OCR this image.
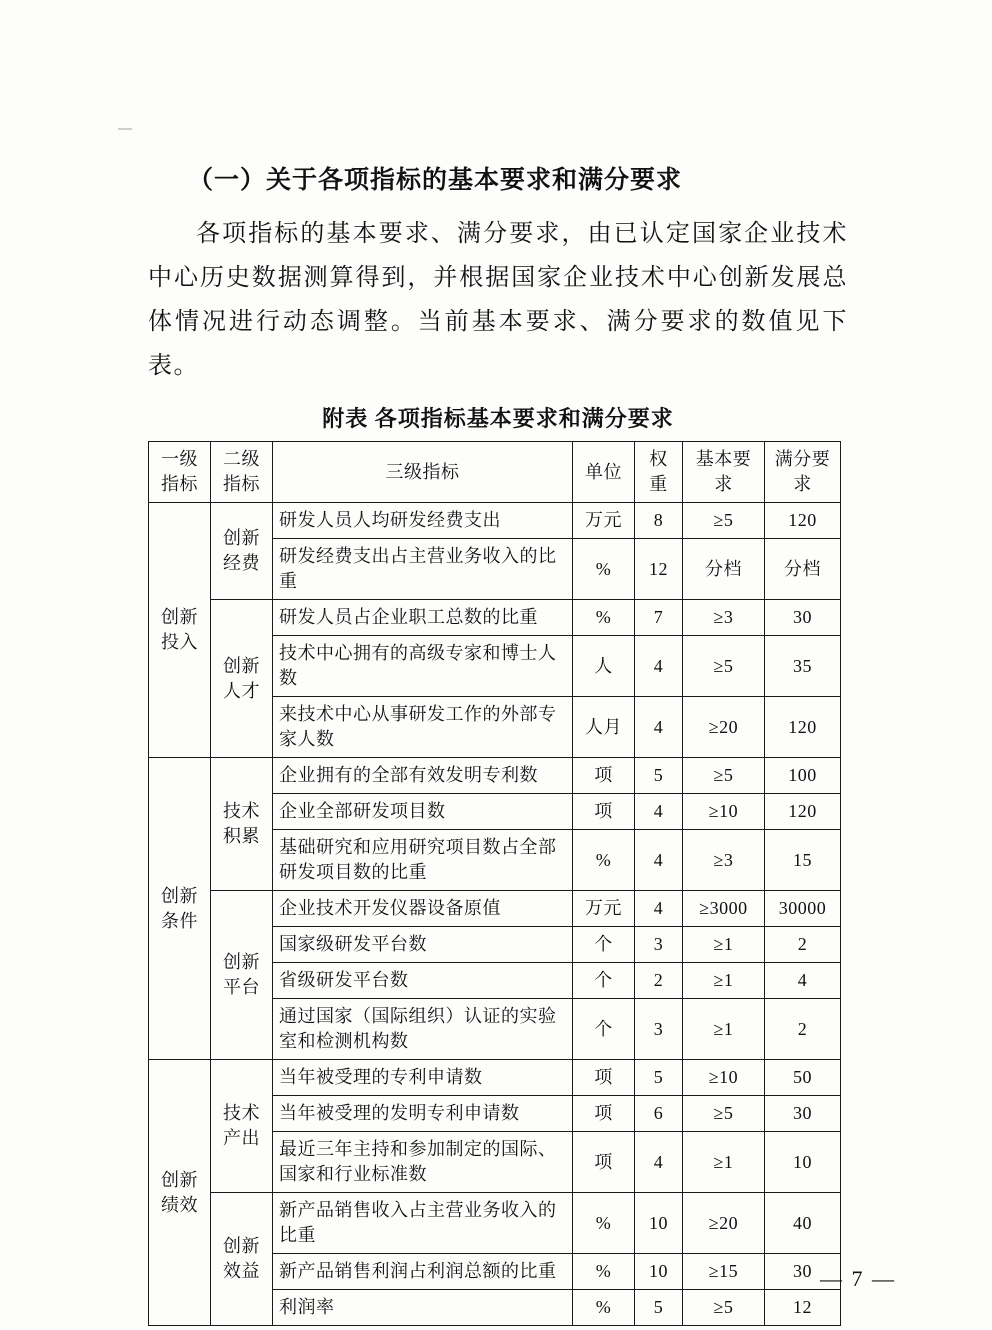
（一）关于各项指标的基本要求和满分要求

各项指标的基本要求、满分要求，由已认定国家企业技术中心历史数据测算得到，并根据国家企业技术中心创新发展总体情况进行动态调整。当前基本要求、满分要求的数值见下表。

附表 各项指标基本要求和满分要求
一级指标	二级指标	三级指标	单位	权重	基本要求	满分要求
创新投入	创新经费	研发人员人均研发经费支出	万元	8	≥5	120
		研发经费支出占主营业务收入的比重	%	12	分档	分档
	创新人才	研发人员占企业职工总数的比重	%	7	≥3	30
		技术中心拥有的高级专家和博士人数	人	4	≥5	35
		来技术中心从事研发工作的外部专家人数	人月	4	≥20	120
创新条件	技术积累	企业拥有的全部有效发明专利数	项	5	≥5	100
		企业全部研发项目数	项	4	≥10	120
		基础研究和应用研究项目数占全部研发项目数的比重	%	4	≥3	15
	创新平台	企业技术开发仪器设备原值	万元	4	≥3000	30000
		国家级研发平台数	个	3	≥1	2
		省级研发平台数	个	2	≥1	4
		通过国家（国际组织）认证的实验室和检测机构数	个	3	≥1	2
创新绩效	技术产出	当年被受理的专利申请数	项	5	≥10	50
		当年被受理的发明专利申请数	项	6	≥5	30
		最近三年主持和参加制定的国际、国家和行业标准数	项	4	≥1	10
	创新效益	新产品销售收入占主营业务收入的比重	%	10	≥20	40
		新产品销售利润占利润总额的比重	%	10	≥15	30
		利润率	%	5	≥5	12
— 7 —
